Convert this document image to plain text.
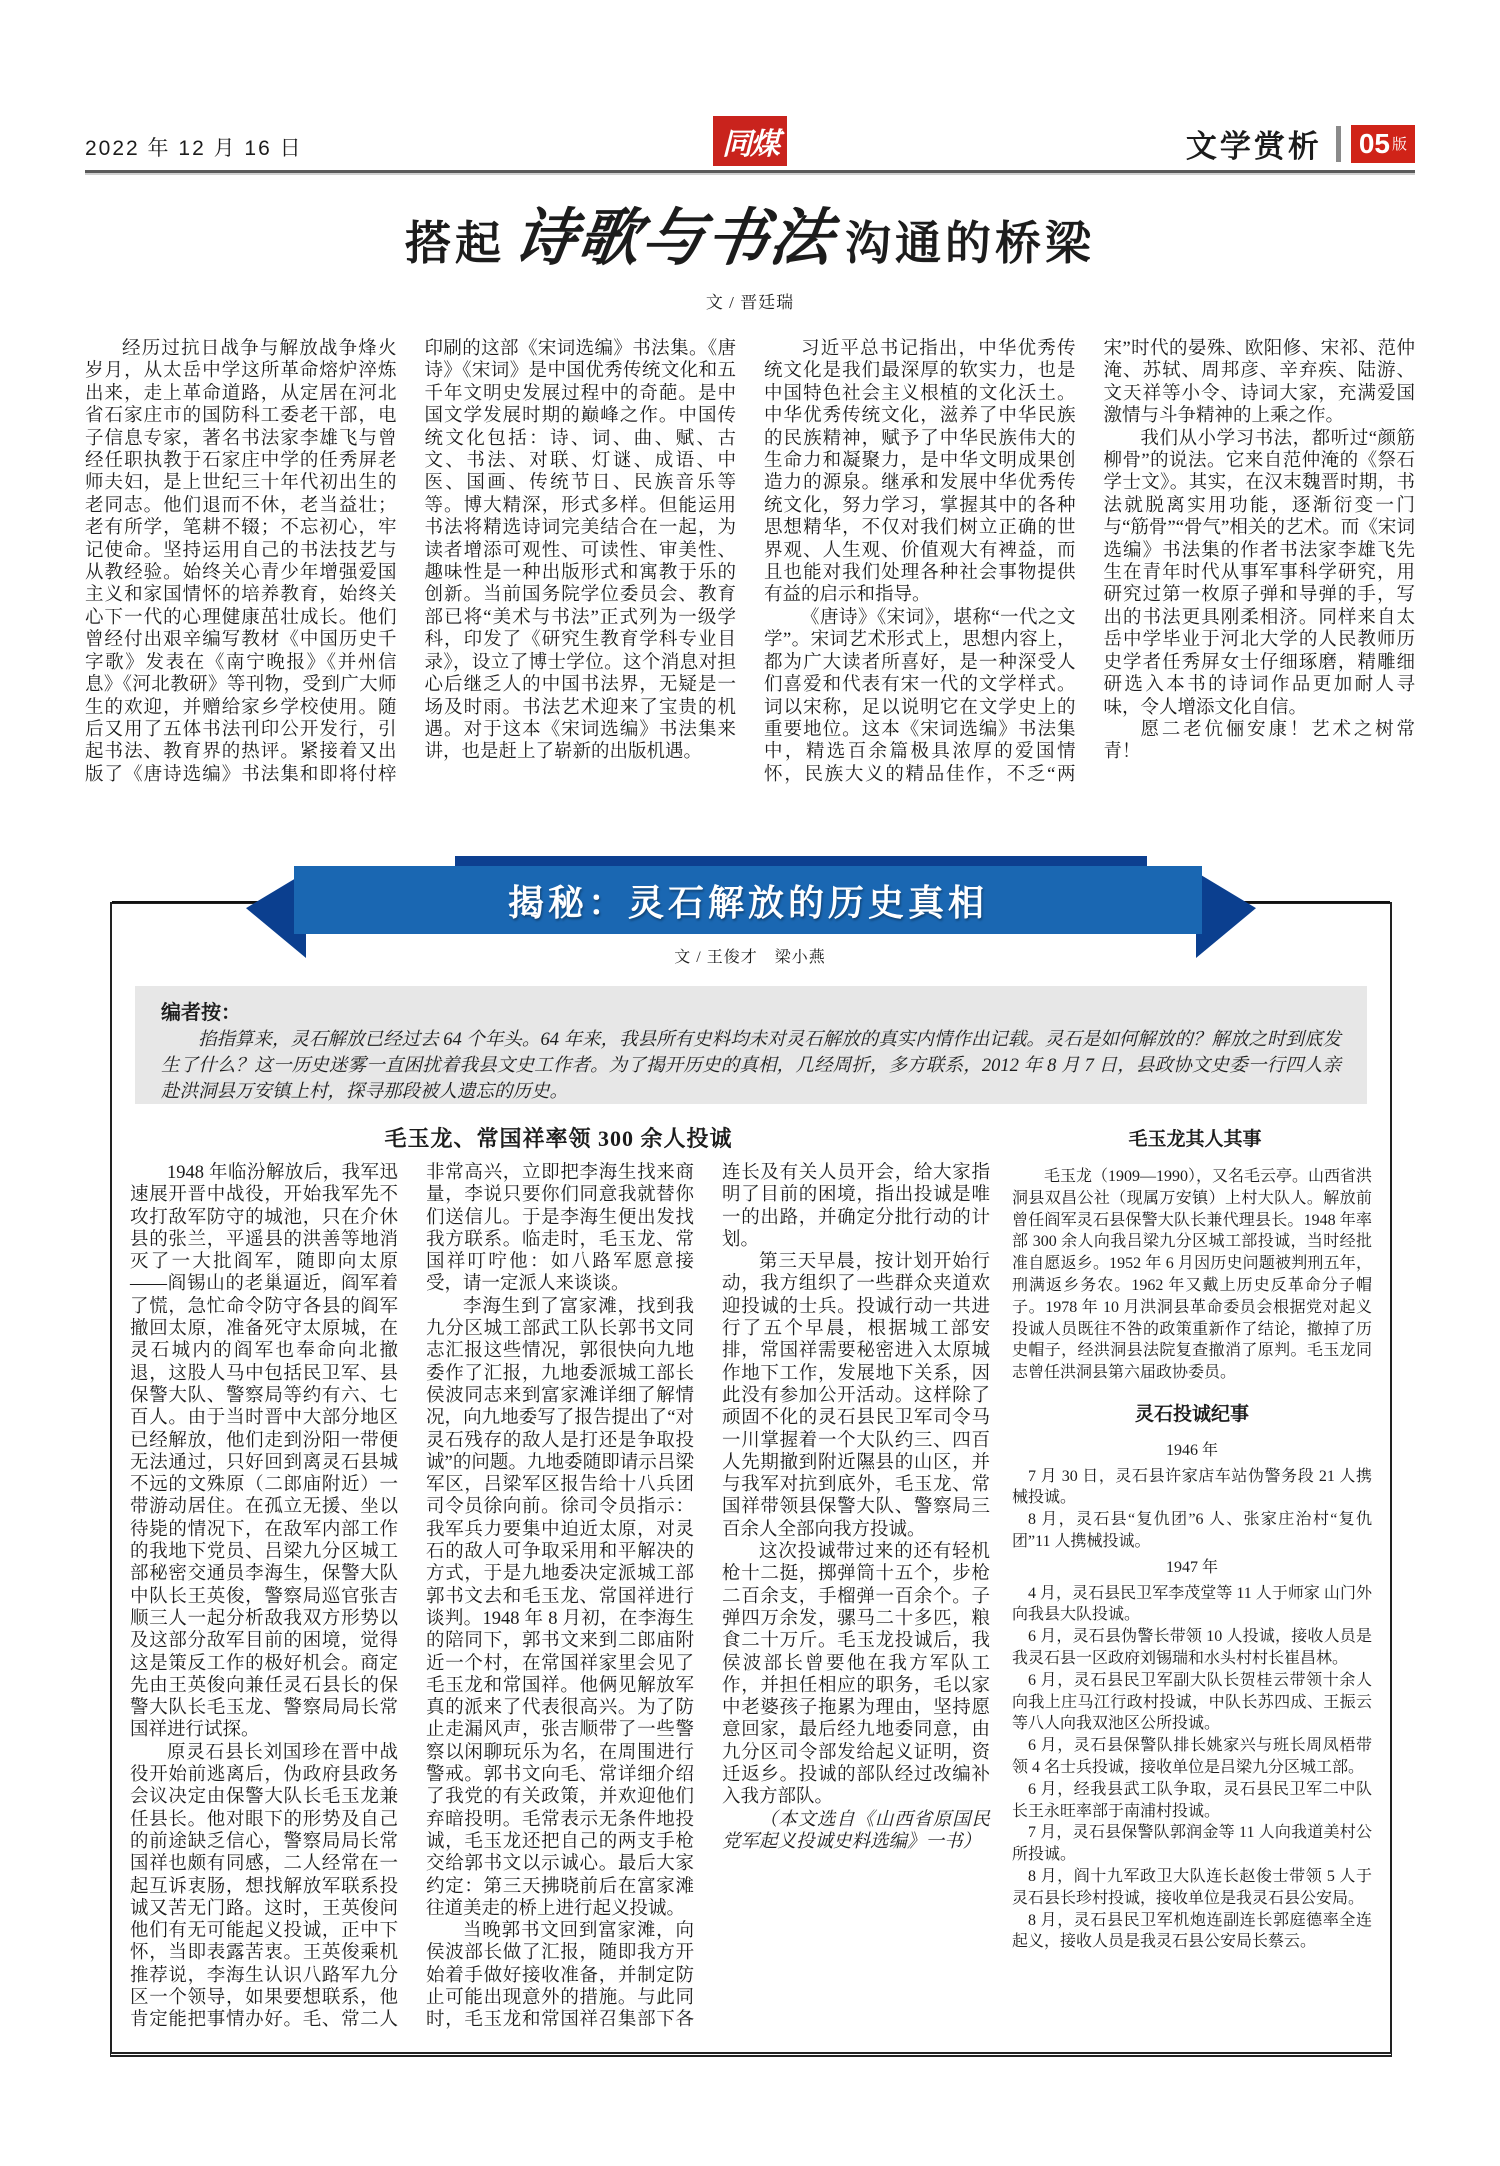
2022 年 12 月 16 日	同煤	文学赏析 05 版
搭起诗歌与书法 沟通的桥梁
文 / 晋廷瑞

经历过抗日战争与解放战争烽火岁月，从太岳中学这所革命熔炉淬炼出来，走上革命道路，从定居在河北省石家庄市的国防科工委老干部，电子信息专家，著名书法家李雄飞与曾经任职执教于石家庄中学的任秀屏老师夫妇，是上世纪三十年代初出生的老同志。他们退而不休，老当益壮；老有所学，笔耕不辍；不忘初心，牢记使命。坚持运用自己的书法技艺与从教经验。始终关心青少年增强爱国主义和家国情怀的培养教育，始终关心下一代的心理健康茁壮成长。他们曾经付出艰辛编写教材《中国历史千字歌》发表在《南宁晚报》《并州信息》《河北教研》等刊物，受到广大师生的欢迎，并赠给家乡学校使用。随后又用了五体书法刊印公开发行，引起书法、教育界的热评。紧接着又出版了《唐诗选编》书法集和即将付梓印刷的这部《宋词选编》书法集。《唐诗》《宋词》是中国优秀传统文化和五千年文明史发展过程中的奇葩。是中国文学发展时期的巅峰之作。中国传统文化包括：诗、词、曲、赋、古文、书法、对联、灯谜、成语、中医、国画、传统节日、民族音乐等等。博大精深，形式多样。但能运用书法将精选诗词完美结合在一起，为读者增添可观性、可读性、审美性、趣味性是一种出版形式和寓教于乐的创新。当前国务院学位委员会、教育部已将“美术与书法”正式列为一级学科，印发了《研究生教育学科专业目录》，设立了博士学位。这个消息对担心后继乏人的中国书法界，无疑是一场及时雨。书法艺术迎来了宝贵的机遇。对于这本《宋词选编》书法集来讲，也是赶上了崭新的出版机遇。

习近平总书记指出，中华优秀传统文化是我们最深厚的软实力，也是中国特色社会主义根植的文化沃土。中华优秀传统文化，滋养了中华民族的民族精神，赋予了中华民族伟大的生命力和凝聚力，是中华文明成果创造力的源泉。继承和发展中华优秀传统文化，努力学习，掌握其中的各种思想精华，不仅对我们树立正确的世界观、人生观、价值观大有裨益，而且也能对我们处理各种社会事物提供有益的启示和指导。

《唐诗》《宋词》，堪称“一代之文学”。宋词艺术形式上，思想内容上，都为广大读者所喜好，是一种深受人们喜爱和代表有宋一代的文学样式。词以宋称，足以说明它在文学史上的重要地位。这本《宋词选编》书法集中，精选百余篇极具浓厚的爱国情怀，民族大义的精品佳作，不乏“两宋”时代的晏殊、欧阳修、宋祁、范仲淹、苏轼、周邦彦、辛弃疾、陆游、文天祥等小令、诗词大家，充满爱国激情与斗争精神的上乘之作。

我们从小学习书法，都听过“颜筋柳骨”的说法。它来自范仲淹的《祭石学士文》。其实，在汉末魏晋时期，书法就脱离实用功能，逐渐衍变一门与“筋骨”“骨气”相关的艺术。而《宋词选编》书法集的作者书法家李雄飞先生在青年时代从事军事科学研究，用研究过第一枚原子弹和导弹的手，写出的书法更具刚柔相济。同样来自太岳中学毕业于河北大学的人民教师历史学者任秀屏女士仔细琢磨，精雕细研选入本书的诗词作品更加耐人寻味，令人增添文化自信。

愿二老伉俪安康！艺术之树常青！

揭秘：灵石解放的历史真相
文 / 王俊才　梁小燕
编者按：
掐指算来，灵石解放已经过去 64 个年头。64 年来，我县所有史料均未对灵石解放的真实内情作出记载。灵石是如何解放的？解放之时到底发生了什么？这一历史迷雾一直困扰着我县文史工作者。为了揭开历史的真相，几经周折，多方联系，2012 年 8 月 7 日，县政协文史委一行四人亲赴洪洞县万安镇上村，探寻那段被人遗忘的历史。
毛玉龙、常国祥率领 300 余人投诚	毛玉龙其人其事

1948 年临汾解放后，我军迅速展开晋中战役，开始我军先不攻打敌军防守的城池，只在介休县的张兰，平遥县的洪善等地消灭了一大批阎军，随即向太原——阎锡山的老巢逼近，阎军着了慌，急忙命令防守各县的阎军撤回太原，准备死守太原城，在灵石城内的阎军也奉命向北撤退，这股人马中包括民卫军、县保警大队、警察局等约有六、七百人。由于当时晋中大部分地区已经解放，他们走到汾阳一带便无法通过，只好回到离灵石县城不远的文殊原（二郎庙附近）一带游动居住。在孤立无援、坐以待毙的情况下，在敌军内部工作的我地下党员、吕梁九分区城工部秘密交通员李海生，保警大队中队长王英俊，警察局巡官张吉顺三人一起分析敌我双方形势以及这部分敌军目前的困境，觉得这是策反工作的极好机会。商定先由王英俊向兼任灵石县长的保警大队长毛玉龙、警察局局长常国祥进行试探。

原灵石县长刘国珍在晋中战役开始前逃离后，伪政府县政务会议决定由保警大队长毛玉龙兼任县长。他对眼下的形势及自己的前途缺乏信心，警察局局长常国祥也颇有同感，二人经常在一起互诉衷肠，想找解放军联系投诚又苦无门路。这时，王英俊问他们有无可能起义投诚，正中下怀，当即表露苦衷。王英俊乘机推荐说，李海生认识八路军九分区一个领导，如果要想联系，他肯定能把事情办好。毛、常二人非常高兴，立即把李海生找来商量，李说只要你们同意我就替你们送信儿。于是李海生便出发找我方联系。临走时，毛玉龙、常国祥叮咛他：如八路军愿意接受，请一定派人来谈谈。

李海生到了富家滩，找到我九分区城工部武工队长郭书文同志汇报这些情况，郭很快向九地委作了汇报，九地委派城工部长侯波同志来到富家滩详细了解情况，向九地委写了报告提出了“对灵石残存的敌人是打还是争取投诚”的问题。九地委随即请示吕梁军区，吕梁军区报告给十八兵团司令员徐向前。徐司令员指示：我军兵力要集中迫近太原，对灵石的敌人可争取采用和平解决的方式，于是九地委决定派城工部郭书文去和毛玉龙、常国祥进行谈判。1948 年 8 月初，在李海生的陪同下，郭书文来到二郎庙附近一个村，在常国祥家里会见了毛玉龙和常国祥。他俩见解放军真的派来了代表很高兴。为了防止走漏风声，张吉顺带了一些警察以闲聊玩乐为名，在周围进行警戒。郭书文向毛、常详细介绍了我党的有关政策，并欢迎他们弃暗投明。毛常表示无条件地投诚，毛玉龙还把自己的两支手枪交给郭书文以示诚心。最后大家约定：第三天拂晓前后在富家滩往道美走的桥上进行起义投诚。

当晚郭书文回到富家滩，向侯波部长做了汇报，随即我方开始着手做好接收准备，并制定防止可能出现意外的措施。与此同时，毛玉龙和常国祥召集部下各连长及有关人员开会，给大家指明了目前的困境，指出投诚是唯一的出路，并确定分批行动的计划。

第三天早晨，按计划开始行动，我方组织了一些群众夹道欢迎投诚的士兵。投诚行动一共进行了五个早晨，根据城工部安排，常国祥需要秘密进入太原城作地下工作，发展地下关系，因此没有参加公开活动。这样除了顽固不化的灵石县民卫军司令马一川掌握着一个大队约三、四百人先期撤到附近隰县的山区，并与我军对抗到底外，毛玉龙、常国祥带领县保警大队、警察局三百余人全部向我方投诚。

这次投诚带过来的还有轻机枪十二挺，掷弹筒十五个，步枪二百余支，手榴弹一百余个。子弹四万余发，骡马二十多匹，粮食二十万斤。毛玉龙投诚后，我侯波部长曾要他在我方军队工作，并担任相应的职务，毛以家中老婆孩子拖累为理由，坚持愿意回家，最后经九地委同意，由九分区司令部发给起义证明，资迁返乡。投诚的部队经过改编补入我方部队。

（本文选自《山西省原国民党军起义投诚史料选编》一书）

毛玉龙（1909—1990），又名毛云亭。山西省洪洞县双昌公社（现属万安镇）上村大队人。解放前曾任阎军灵石县保警大队长兼代理县长。1948 年率部 300 余人向我吕梁九分区城工部投诚，当时经批准自愿返乡。1952 年 6 月因历史问题被判刑五年，刑满返乡务农。1962 年又戴上历史反革命分子帽子。1978 年 10 月洪洞县革命委员会根据党对起义投诚人员既往不咎的政策重新作了结论，撤掉了历史帽子，经洪洞县法院复查撤消了原判。毛玉龙同志曾任洪洞县第六届政协委员。

灵石投诚纪事

1946 年

7 月 30 日，灵石县许家店车站伪警务段 21 人携械投诚。

8 月，灵石县“复仇团”6 人、张家庄治村“复仇团”11 人携械投诚。

1947 年

4 月，灵石县民卫军李茂堂等 11 人于师家 山门外向我县大队投诚。

6 月，灵石县伪警长带领 10 人投诚，接收人员是我灵石县一区政府刘锡瑞和水头村村长崔昌林。

6 月，灵石县民卫军副大队长贺桂云带领十余人向我上庄马江行政村投诚，中队长苏四成、王振云等八人向我双池区公所投诚。

6 月，灵石县保警队排长姚家兴与班长周凤梧带领 4 名士兵投诚，接收单位是吕梁九分区城工部。

6 月，经我县武工队争取，灵石县民卫军二中队长王永旺率部于南浦村投诚。

7 月，灵石县保警队郭润金等 11 人向我道美村公所投诚。

8 月，阎十九军政卫大队连长赵俊士带领 5 人于灵石县长珍村投诚，接收单位是我灵石县公安局。

8 月，灵石县民卫军机炮连副连长郭庭德率全连起义，接收人员是我灵石县公安局长蔡云。
